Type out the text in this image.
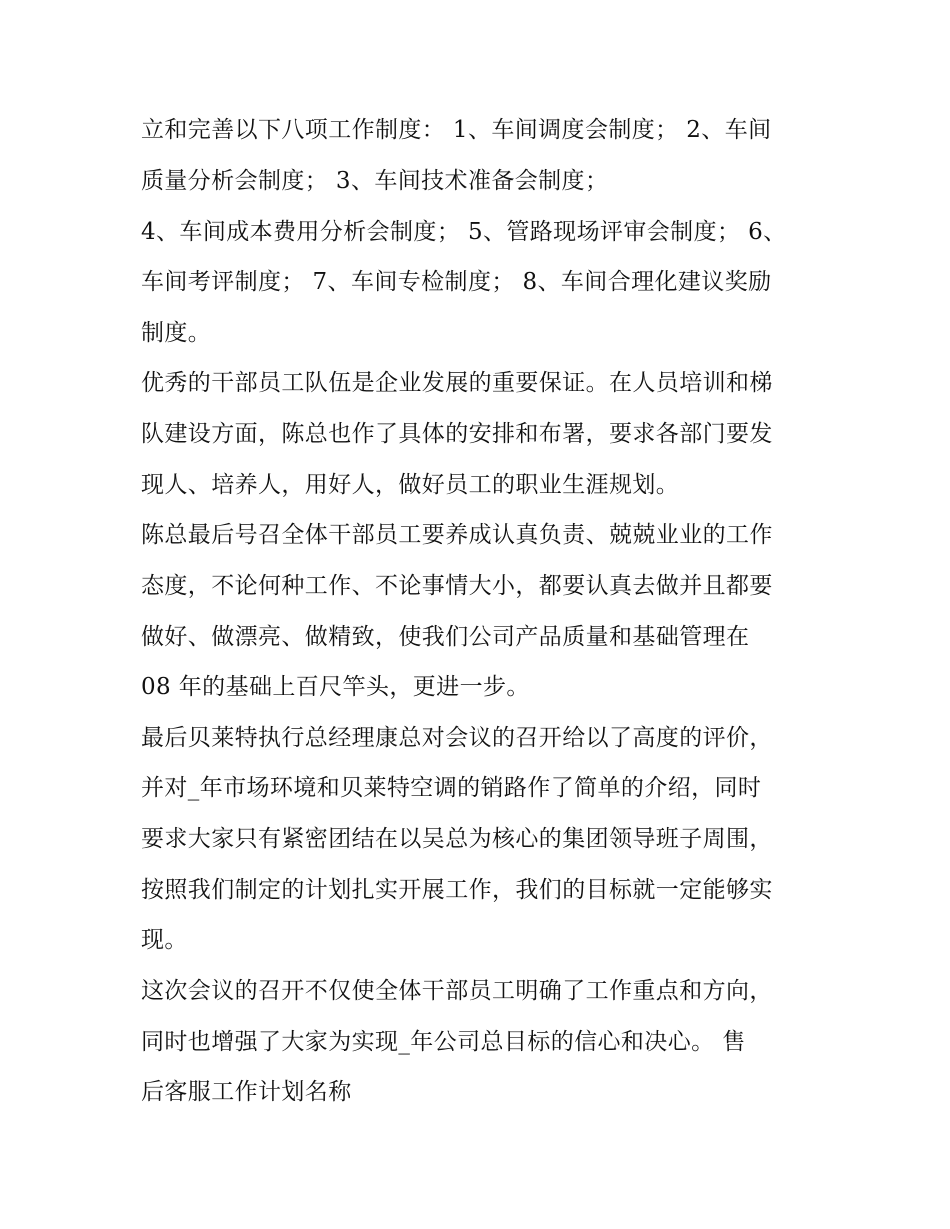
立和完善以下八项工作制度： 1、车间调度会制度； 2、车间
质量分析会制度； 3、车间技术准备会制度；
4、车间成本费用分析会制度； 5、管路现场评审会制度； 6、
车间考评制度； 7、车间专检制度； 8、车间合理化建议奖励
制度。
优秀的干部员工队伍是企业发展的重要保证。在人员培训和梯
队建设方面，陈总也作了具体的安排和布署，要求各部门要发
现人、培养人，用好人，做好员工的职业生涯规划。
陈总最后号召全体干部员工要养成认真负责、兢兢业业的工作
态度，不论何种工作、不论事情大小，都要认真去做并且都要
做好、做漂亮、做精致，使我们公司产品质量和基础管理在
08 年的基础上百尺竿头，更进一步。
最后贝莱特执行总经理康总对会议的召开给以了高度的评价，
并对_年市场环境和贝莱特空调的销路作了简单的介绍，同时
要求大家只有紧密团结在以吴总为核心的集团领导班子周围，
按照我们制定的计划扎实开展工作，我们的目标就一定能够实
现。
这次会议的召开不仅使全体干部员工明确了工作重点和方向，
同时也增强了大家为实现_年公司总目标的信心和决心。 售
后客服工作计划名称
